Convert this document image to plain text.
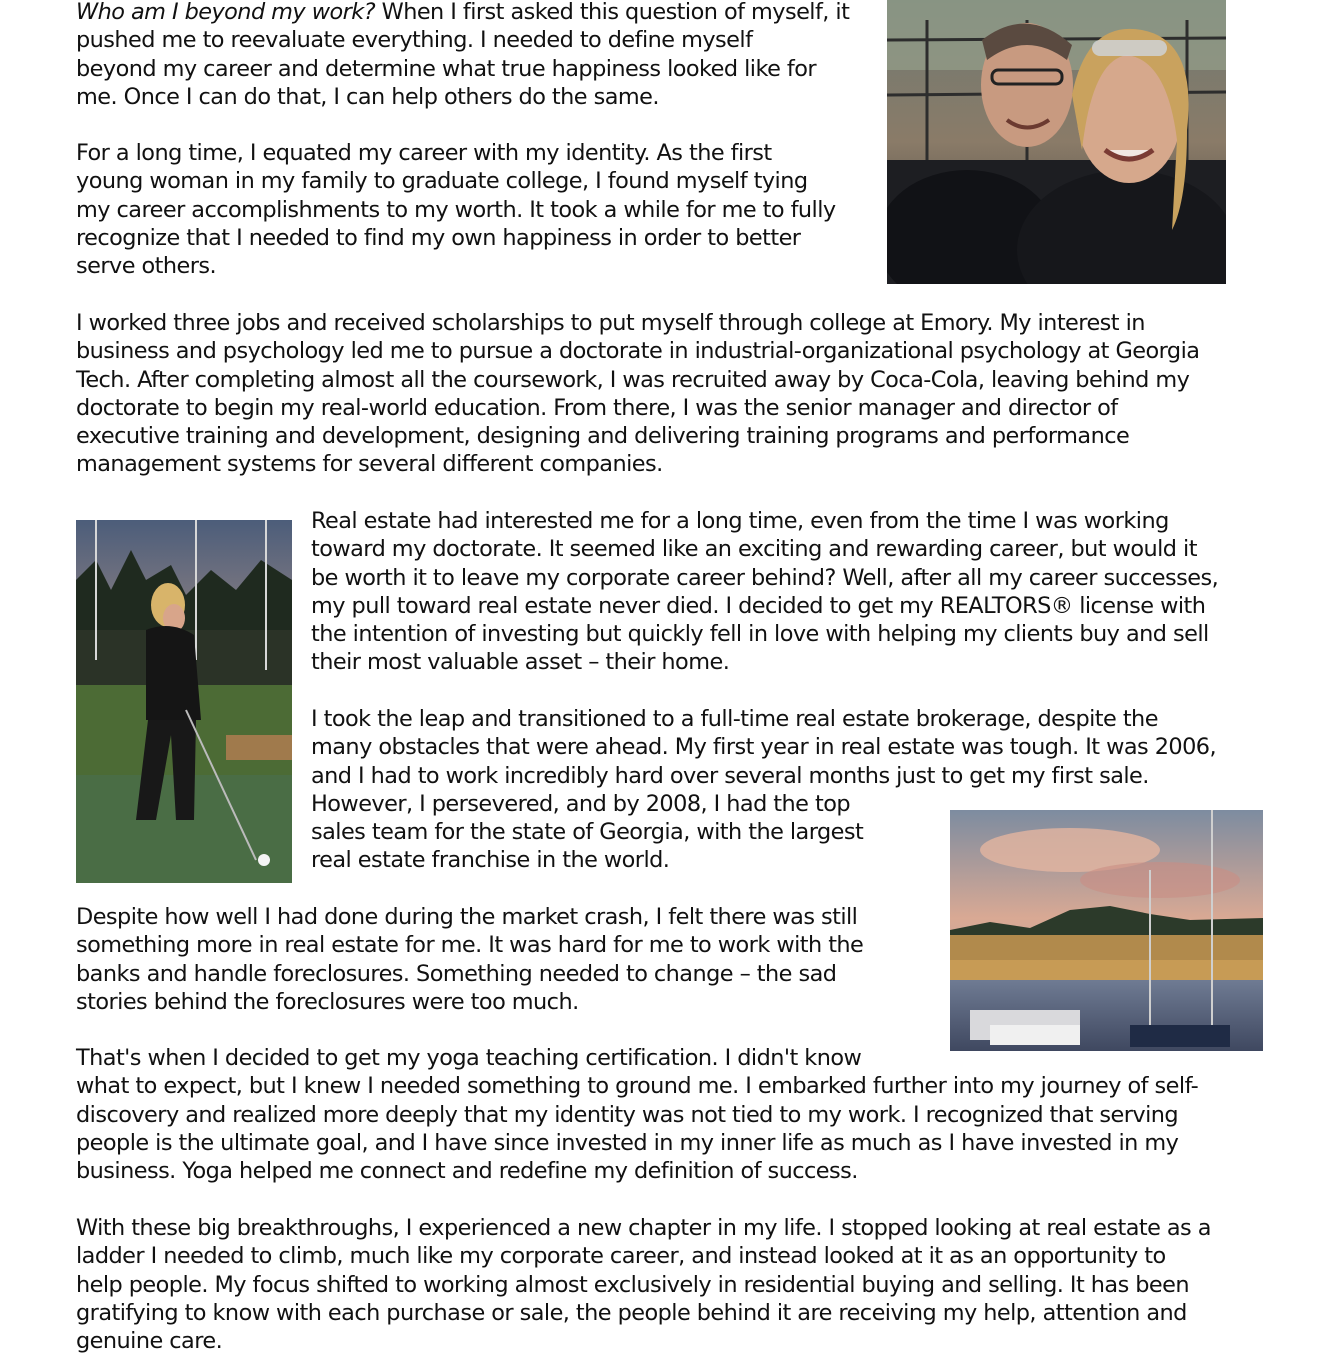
Who am I beyond my work? When I first asked this question of myself, it
pushed me to reevaluate everything. I needed to define myself
beyond my career and determine what true happiness looked like for
me. Once I can do that, I can help others do the same.
For a long time, I equated my career with my identity. As the first
young woman in my family to graduate college, I found myself tying
my career accomplishments to my worth. It took a while for me to fully
recognize that I needed to find my own happiness in order to better
serve others.
I worked three jobs and received scholarships to put myself through college at Emory. My interest in
business and psychology led me to pursue a doctorate in industrial-organizational psychology at Georgia
Tech. After completing almost all the coursework, I was recruited away by Coca-Cola, leaving behind my
doctorate to begin my real-world education. From there, I was the senior manager and director of
executive training and development, designing and delivering training programs and performance
management systems for several different companies.
Real estate had interested me for a long time, even from the time I was working
toward my doctorate. It seemed like an exciting and rewarding career, but would it
be worth it to leave my corporate career behind? Well, after all my career successes,
my pull toward real estate never died. I decided to get my REALTORS® license with
the intention of investing but quickly fell in love with helping my clients buy and sell
their most valuable asset – their home.
I took the leap and transitioned to a full-time real estate brokerage, despite the
many obstacles that were ahead. My first year in real estate was tough. It was 2006,
and I had to work incredibly hard over several months just to get my first sale.
However, I persevered, and by 2008, I had the top
sales team for the state of Georgia, with the largest
real estate franchise in the world.
Despite how well I had done during the market crash, I felt there was still
something more in real estate for me. It was hard for me to work with the
banks and handle foreclosures. Something needed to change – the sad
stories behind the foreclosures were too much.
That's when I decided to get my yoga teaching certification. I didn't know
what to expect, but I knew I needed something to ground me. I embarked further into my journey of self-
discovery and realized more deeply that my identity was not tied to my work. I recognized that serving
people is the ultimate goal, and I have since invested in my inner life as much as I have invested in my
business. Yoga helped me connect and redefine my definition of success.
With these big breakthroughs, I experienced a new chapter in my life. I stopped looking at real estate as a
ladder I needed to climb, much like my corporate career, and instead looked at it as an opportunity to
help people. My focus shifted to working almost exclusively in residential buying and selling. It has been
gratifying to know with each purchase or sale, the people behind it are receiving my help, attention and
genuine care.
